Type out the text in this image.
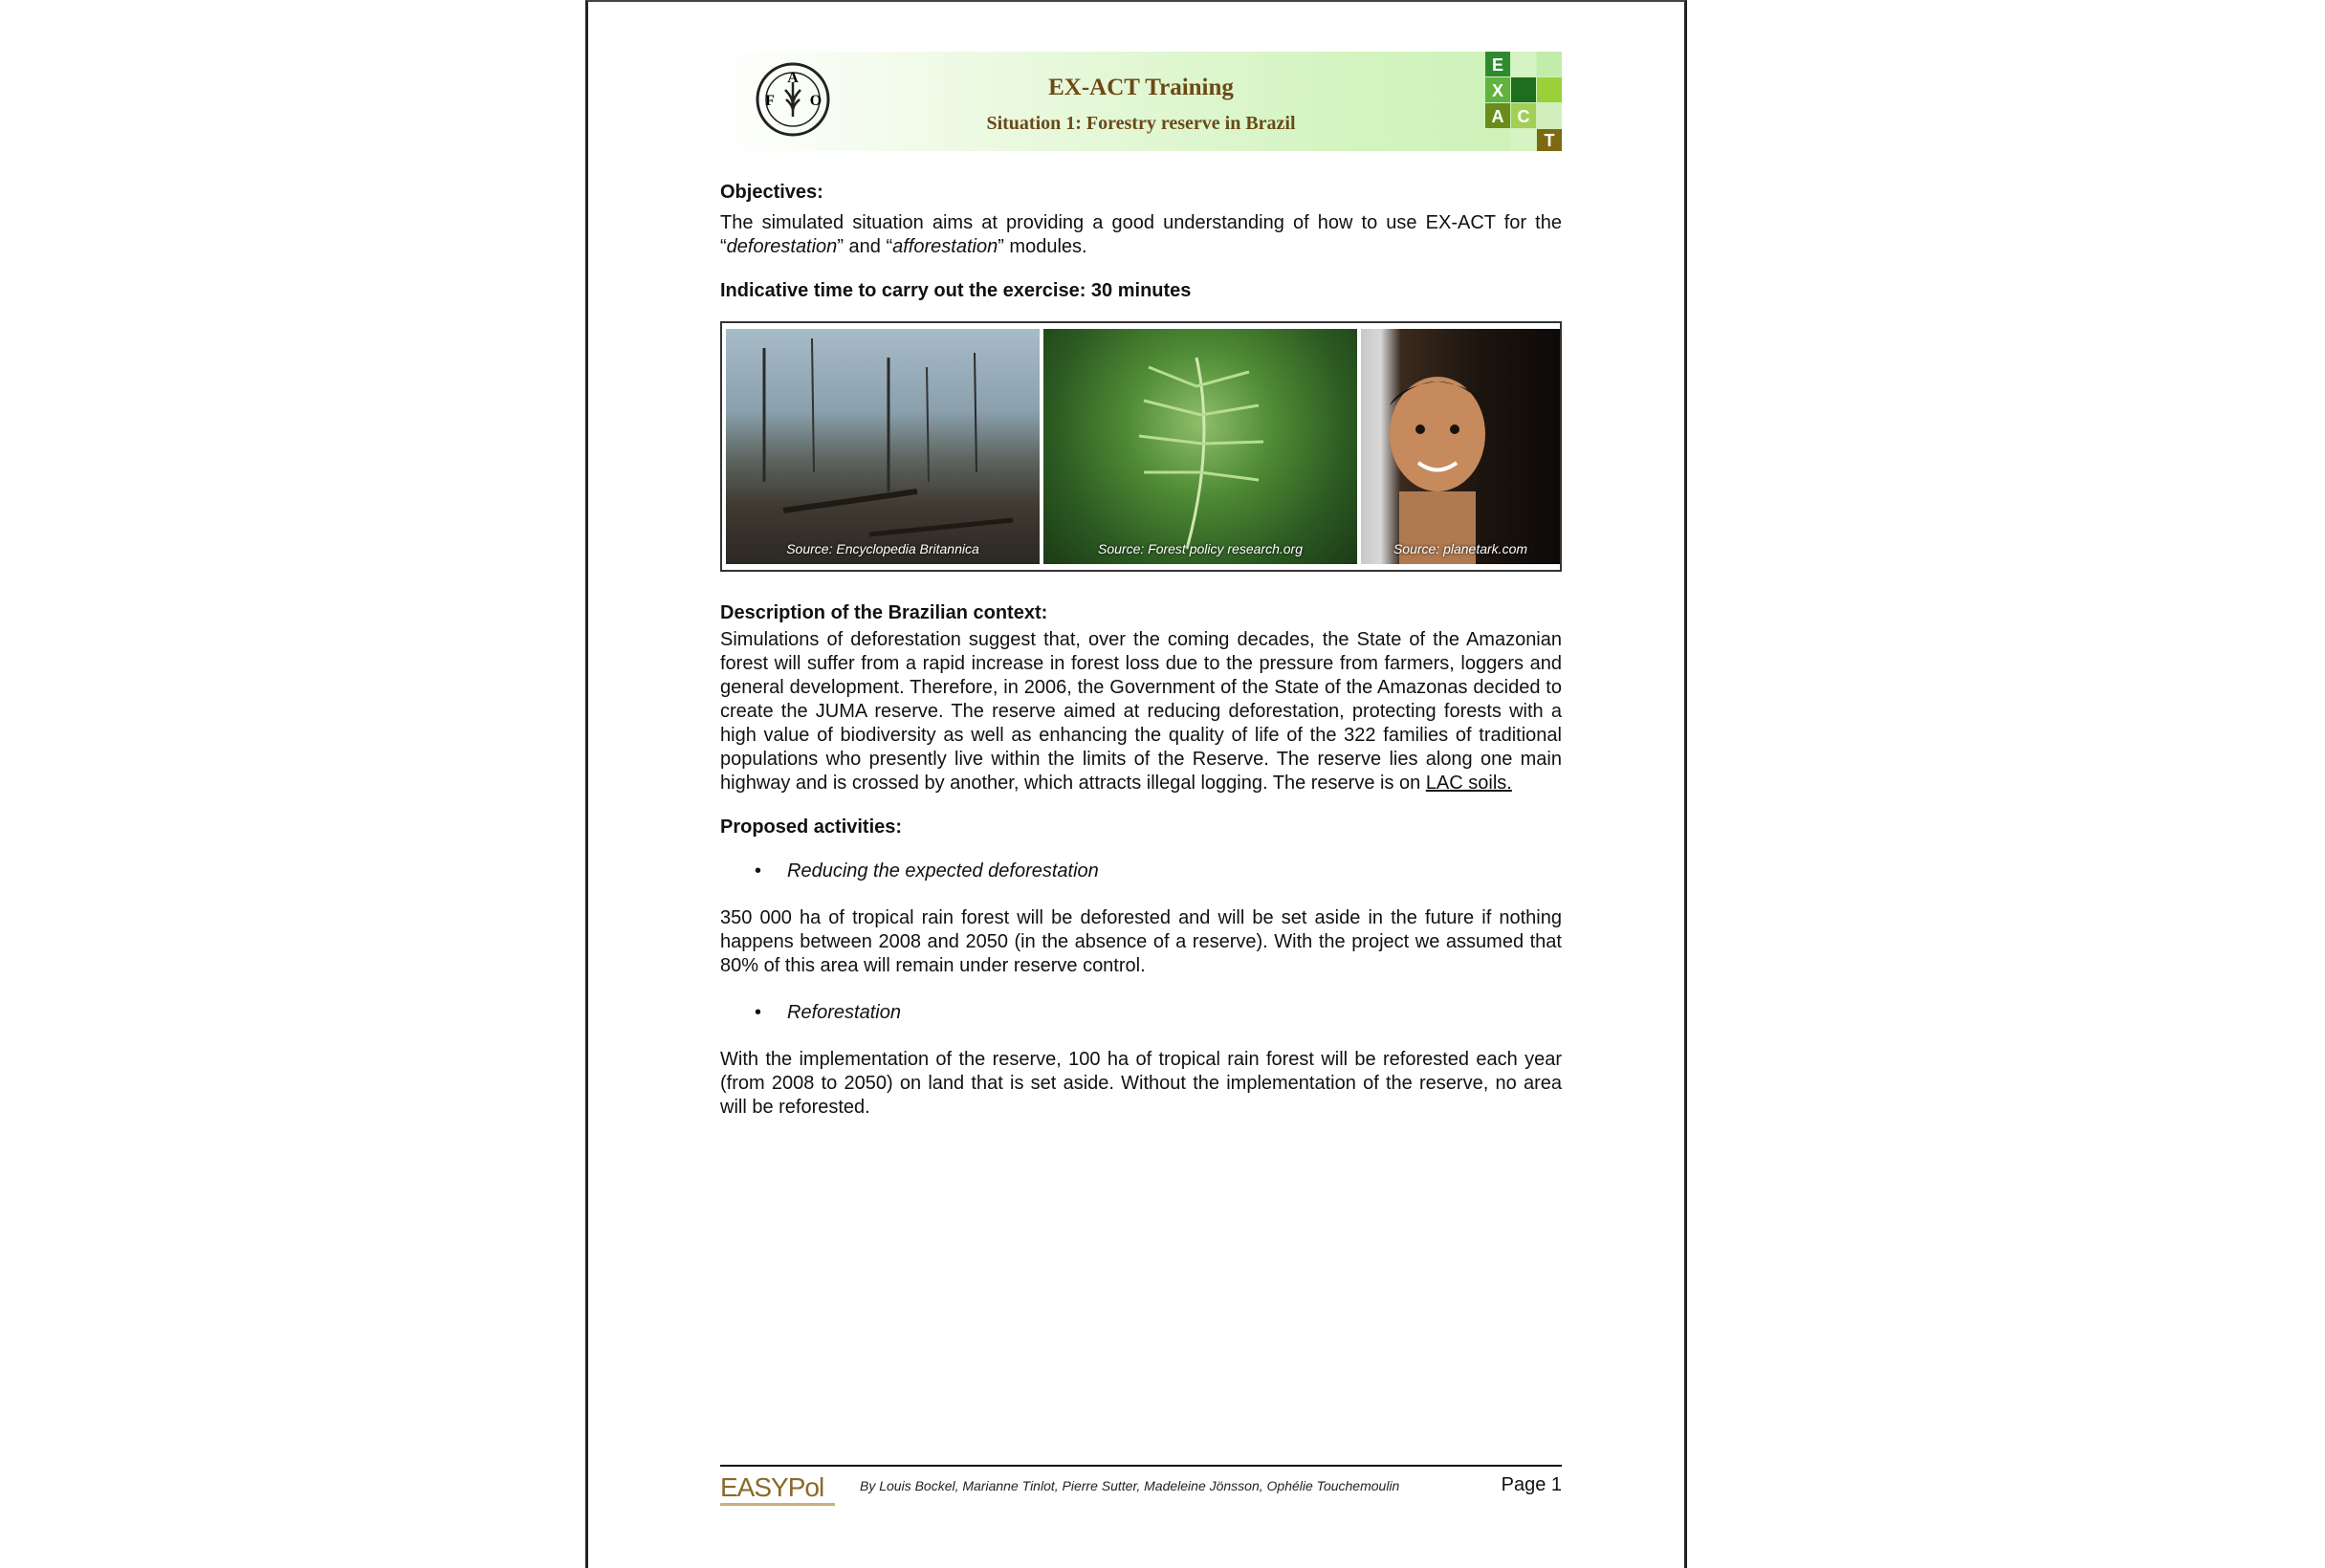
A
F O
EX-ACT Training
Situation 1: Forestry reserve in Brazil
E
X
A C
T
Objectives:

The simulated situation aims at providing a good understanding of how to use EX-ACT for the “deforestation” and “afforestation” modules.

Indicative time to carry out the exercise: 30 minutes
Source: Encyclopedia Britannica	Source: Forest policy research.org	Source: planetark.com
Description of the Brazilian context:

Simulations of deforestation suggest that, over the coming decades, the State of the Amazonian forest will suffer from a rapid increase in forest loss due to the pressure from farmers, loggers and general development. Therefore, in 2006, the Government of the State of the Amazonas decided to create the JUMA reserve. The reserve aimed at reducing deforestation, protecting forests with a high value of biodiversity as well as enhancing the quality of life of the 322 families of traditional populations who presently live within the limits of the Reserve. The reserve lies along one main highway and is crossed by another, which attracts illegal logging. The reserve is on LAC soils.

Proposed activities:
•	Reducing the expected deforestation

350 000 ha of tropical rain forest will be deforested and will be set aside in the future if nothing happens between 2008 and 2050 (in the absence of a reserve). With the project we assumed that 80% of this area will remain under reserve control.

•	Reforestation

With the implementation of the reserve, 100 ha of tropical rain forest will be reforested each year (from 2008 to 2050) on land that is set aside. Without the implementation of the reserve, no area will be reforested.

EASYPol	By Louis Bockel, Marianne Tinlot, Pierre Sutter, Madeleine Jönsson, Ophélie Touchemoulin	Page 1
